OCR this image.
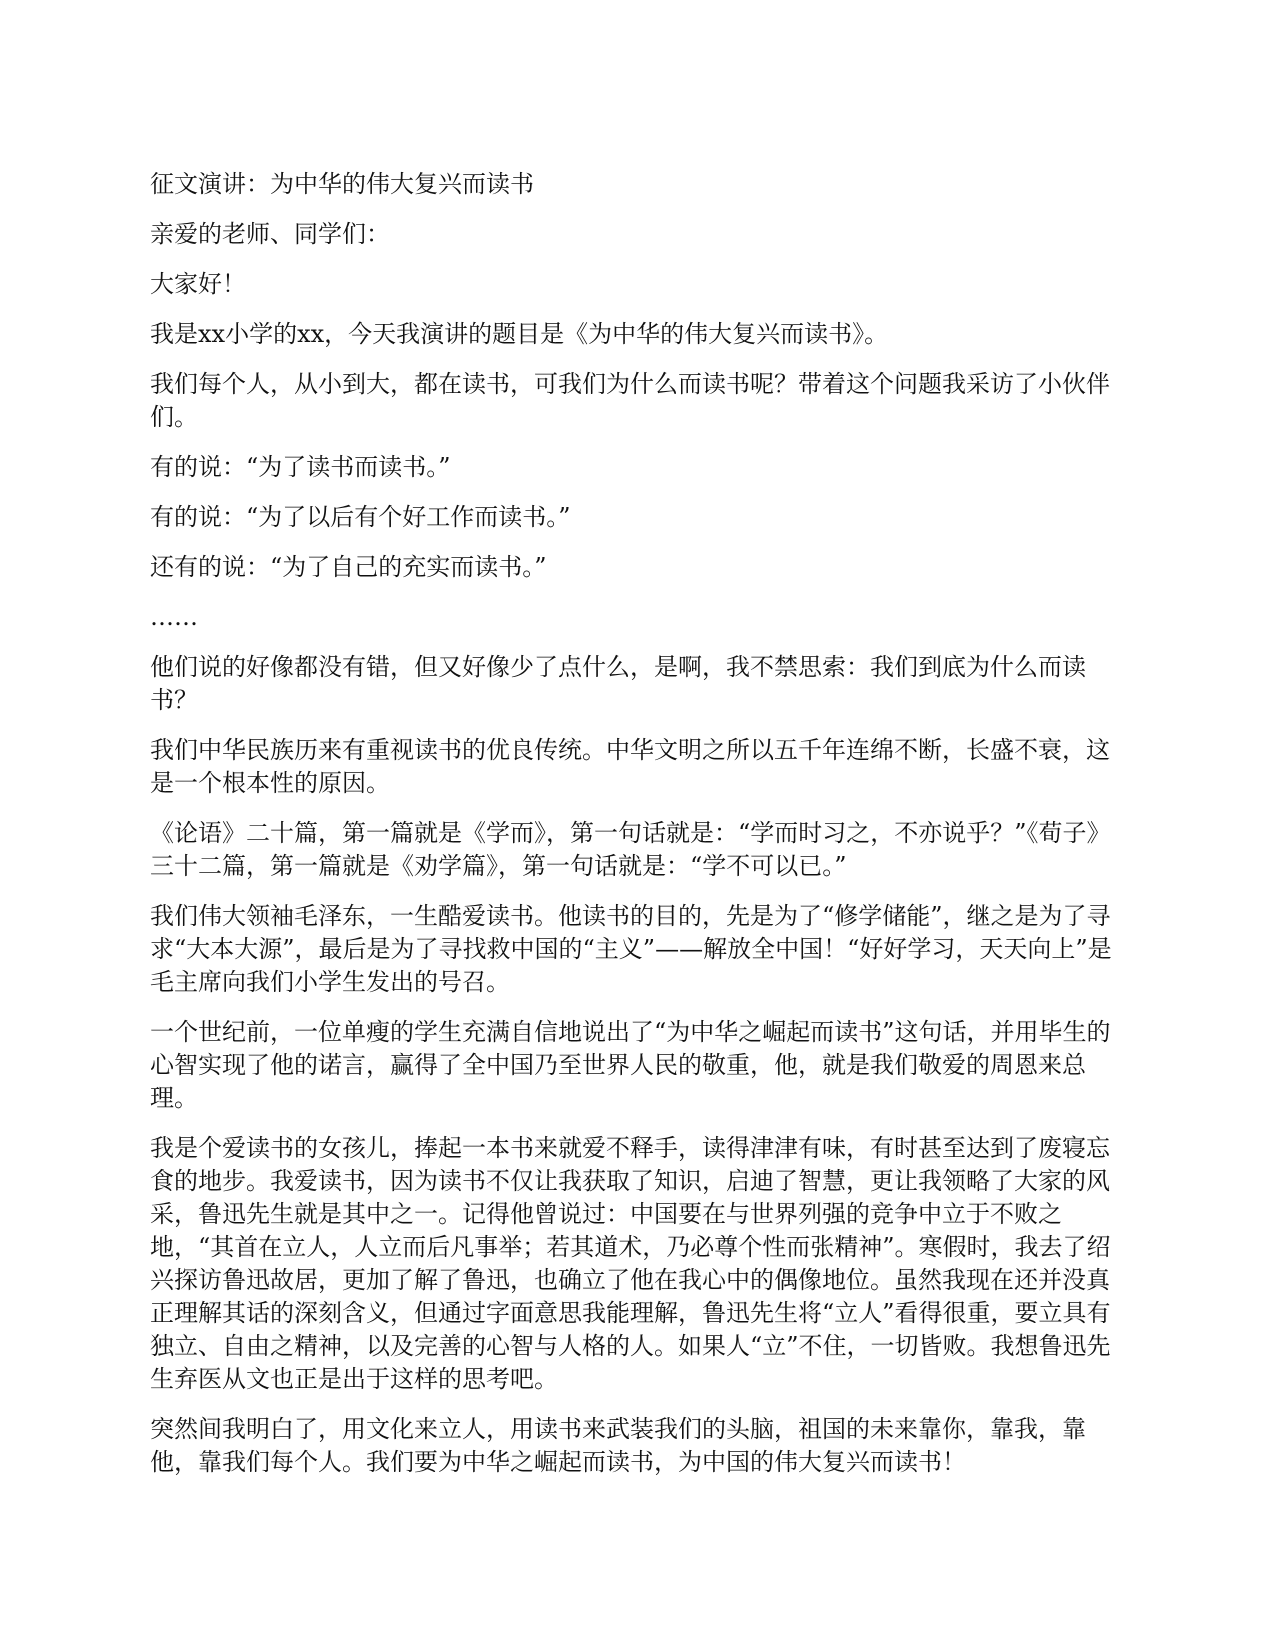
征文演讲：为中华的伟大复兴而读书

亲爱的老师、同学们：

大家好！

我是xx小学的xx，今天我演讲的题目是《为中华的伟大复兴而读书》。

我们每个人，从小到大，都在读书，可我们为什么而读书呢？带着这个问题我采访了小伙伴们。

有的说：“为了读书而读书。”

有的说：“为了以后有个好工作而读书。”

还有的说：“为了自己的充实而读书。”

……

他们说的好像都没有错，但又好像少了点什么，是啊，我不禁思索：我们到底为什么而读书？

我们中华民族历来有重视读书的优良传统。中华文明之所以五千年连绵不断，长盛不衰，这是一个根本性的原因。

《论语》二十篇，第一篇就是《学而》，第一句话就是：“学而时习之，不亦说乎？”《荀子》三十二篇，第一篇就是《劝学篇》，第一句话就是：“学不可以已。”

我们伟大领袖毛泽东，一生酷爱读书。他读书的目的，先是为了“修学储能”，继之是为了寻求“大本大源”，最后是为了寻找救中国的“主义”——解放全中国！“好好学习，天天向上”是毛主席向我们小学生发出的号召。

一个世纪前，一位单瘦的学生充满自信地说出了“为中华之崛起而读书”这句话，并用毕生的心智实现了他的诺言，赢得了全中国乃至世界人民的敬重，他，就是我们敬爱的周恩来总理。

我是个爱读书的女孩儿，捧起一本书来就爱不释手，读得津津有味，有时甚至达到了废寝忘食的地步。我爱读书，因为读书不仅让我获取了知识，启迪了智慧，更让我领略了大家的风采，鲁迅先生就是其中之一。记得他曾说过：中国要在与世界列强的竞争中立于不败之地，“其首在立人，人立而后凡事举；若其道术，乃必尊个性而张精神”。寒假时，我去了绍兴探访鲁迅故居，更加了解了鲁迅，也确立了他在我心中的偶像地位。虽然我现在还并没真正理解其话的深刻含义，但通过字面意思我能理解，鲁迅先生将“立人”看得很重，要立具有独立、自由之精神，以及完善的心智与人格的人。如果人“立”不住，一切皆败。我想鲁迅先生弃医从文也正是出于这样的思考吧。

突然间我明白了，用文化来立人，用读书来武装我们的头脑，祖国的未来靠你，靠我，靠他，靠我们每个人。我们要为中华之崛起而读书，为中国的伟大复兴而读书！
